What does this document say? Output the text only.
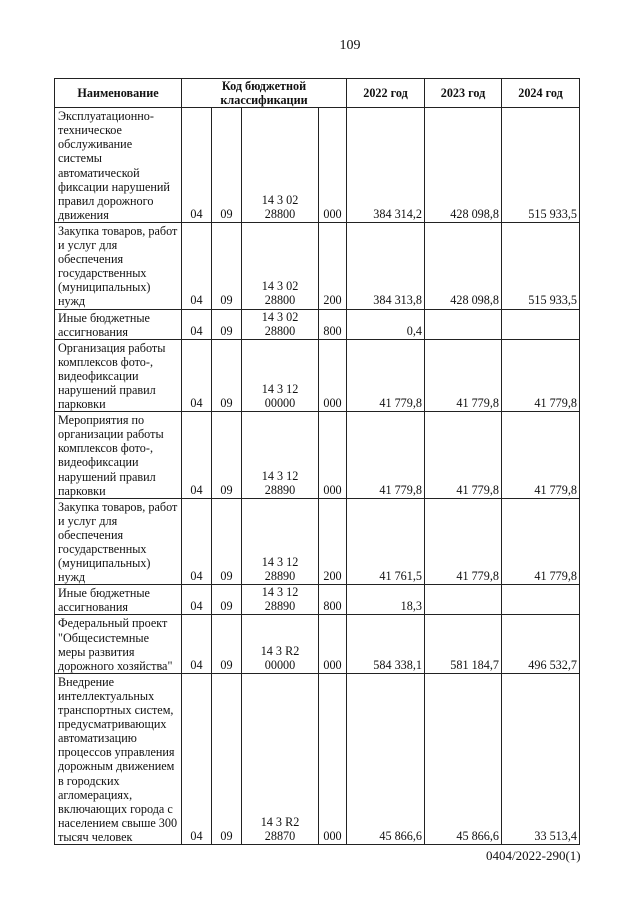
109
Наименование	Код бюджетной классификации				2022 год	2023 год	2024 год
Эксплуатационно-техническое обслуживание системы автоматической фиксации нарушений правил дорожного движения	04	09	14 3 02 28800	000	384 314,2	428 098,8	515 933,5
Закупка товаров, работ и услуг для обеспечения государственных (муниципальных) нужд	04	09	14 3 02 28800	200	384 313,8	428 098,8	515 933,5
Иные бюджетные ассигнования	04	09	14 3 02 28800	800	0,4		
Организация работы комплексов фото-, видеофиксации нарушений правил парковки	04	09	14 3 12 00000	000	41 779,8	41 779,8	41 779,8
Мероприятия по организации работы комплексов фото-, видеофиксации нарушений правил парковки	04	09	14 3 12 28890	000	41 779,8	41 779,8	41 779,8
Закупка товаров, работ и услуг для обеспечения государственных (муниципальных) нужд	04	09	14 3 12 28890	200	41 761,5	41 779,8	41 779,8
Иные бюджетные ассигнования	04	09	14 3 12 28890	800	18,3		
Федеральный проект "Общесистемные меры развития дорожного хозяйства"	04	09	14 3 R2 00000	000	584 338,1	581 184,7	496 532,7
Внедрение интеллектуальных транспортных систем, предусматривающих автоматизацию процессов управления дорожным движением в городских агломерациях, включающих города с населением свыше 300 тысяч человек	04	09	14 3 R2 28870	000	45 866,6	45 866,6	33 513,4
0404/2022-290(1)
